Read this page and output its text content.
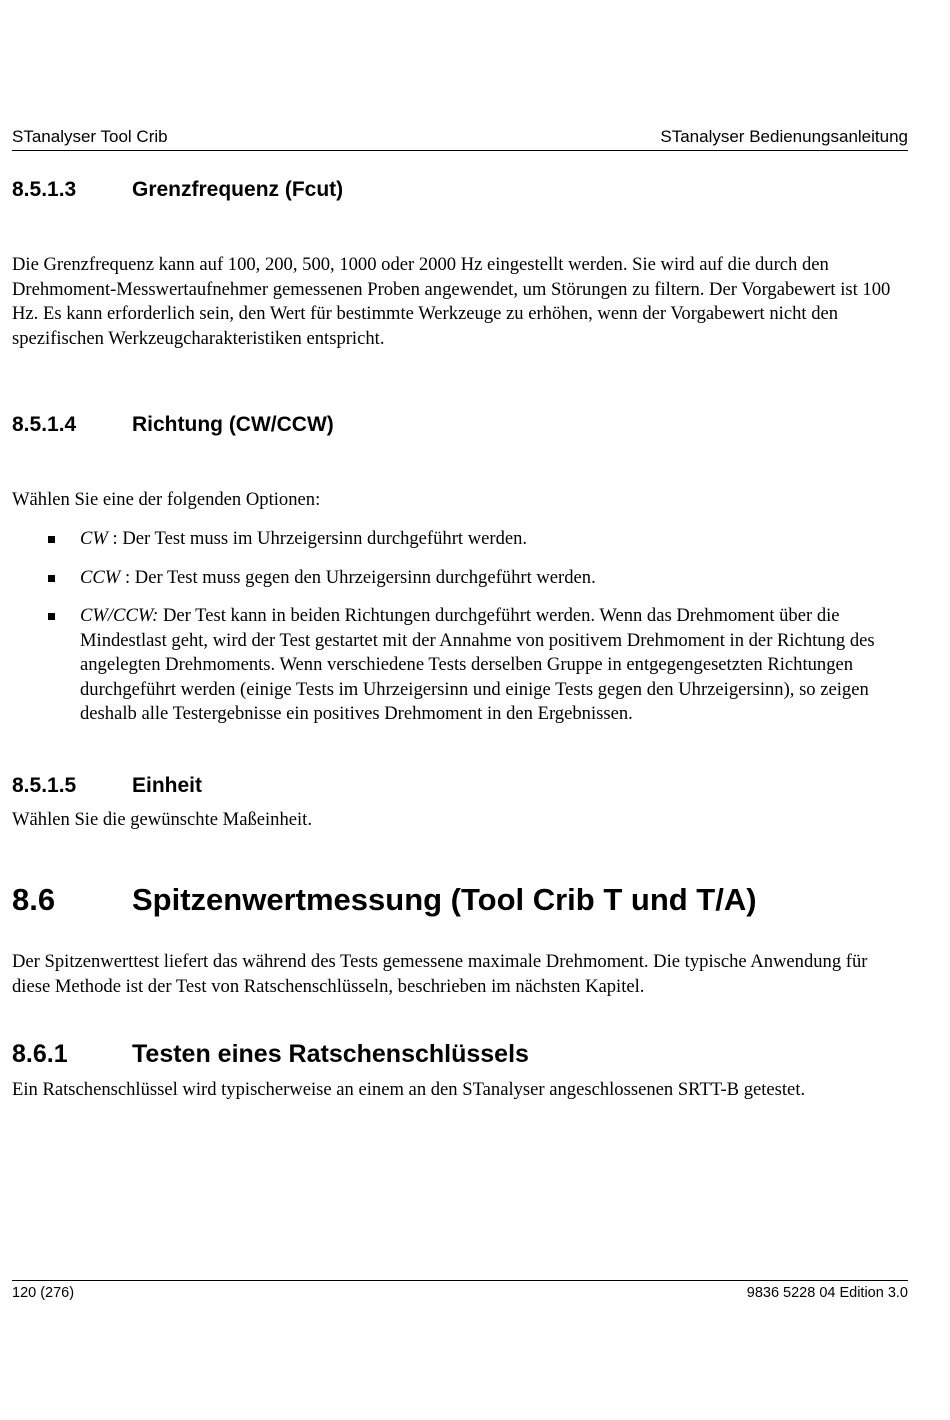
STanalyser Tool Crib	STanalyser Bedienungsanleitung
8.5.1.3	Grenzfrequenz (Fcut)

Die Grenzfrequenz kann auf 100, 200, 500, 1000 oder 2000 Hz eingestellt werden. Sie wird auf die durch den Drehmoment-Messwertaufnehmer gemessenen Proben angewendet, um Störungen zu filtern. Der Vorgabewert ist 100 Hz. Es kann erforderlich sein, den Wert für bestimmte Werkzeuge zu erhöhen, wenn der Vorgabewert nicht den spezifischen Werkzeugcharakteristiken entspricht.

8.5.1.4	Richtung (CW/CCW)

Wählen Sie eine der folgenden Optionen:

CW : Der Test muss im Uhrzeigersinn durchgeführt werden.
CCW : Der Test muss gegen den Uhrzeigersinn durchgeführt werden.
CW/CCW: Der Test kann in beiden Richtungen durchgeführt werden. Wenn das Drehmoment über die Mindestlast geht, wird der Test gestartet mit der Annahme von positivem Drehmoment in der Richtung des angelegten Drehmoments. Wenn verschiedene Tests derselben Gruppe in entgegengesetzten Richtungen durchgeführt werden (einige Tests im Uhrzeigersinn und einige Tests gegen den Uhrzeigersinn), so zeigen deshalb alle Testergebnisse ein positives Drehmoment in den Ergebnissen.
8.5.1.5	Einheit

Wählen Sie die gewünschte Maßeinheit.

8.6 Spitzenwertmessung (Tool Crib T und T/A)

Der Spitzenwerttest liefert das während des Tests gemessene maximale Drehmoment. Die typische Anwendung für diese Methode ist der Test von Ratschenschlüsseln, beschrieben im nächsten Kapitel.

8.6.1	Testen eines Ratschenschlüssels

Ein Ratschenschlüssel wird typischerweise an einem an den STanalyser angeschlossenen SRTT-B getestet.

120 (276)	9836 5228 04 Edition 3.0
